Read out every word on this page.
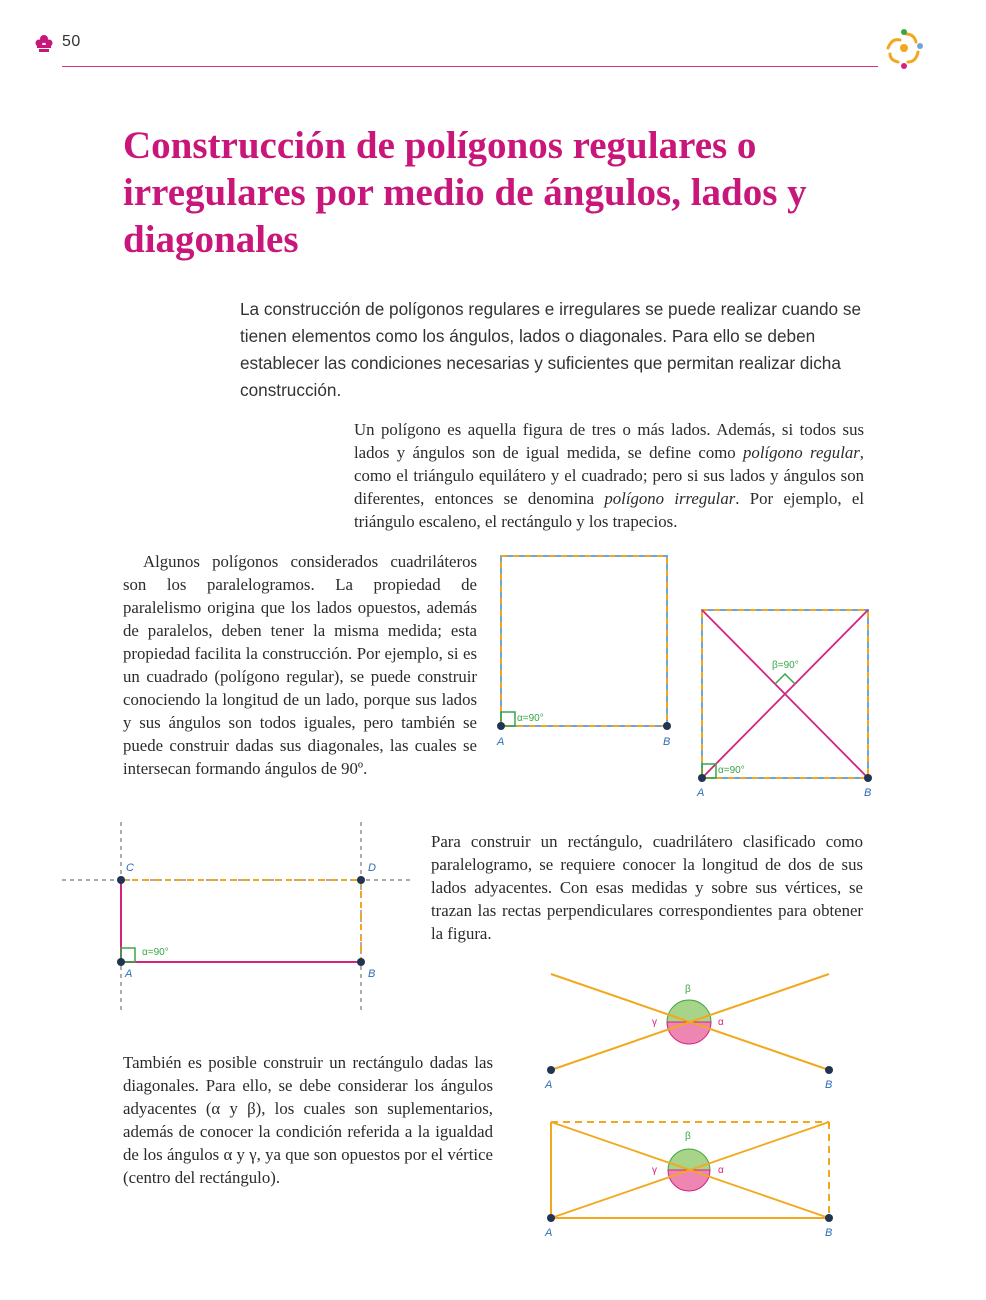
50
Construcción de polígonos regulares o irregulares por medio de ángulos, lados y diagonales

La construcción de polígonos regulares e irregulares se puede realizar cuando se tienen elementos como los ángulos, lados o diagonales. Para ello se deben establecer las condiciones necesarias y suficientes que permitan realizar dicha construcción.

Un polígono es aquella figura de tres o más lados. Además, si todos sus lados y ángulos son de igual medida, se define como polígono regular, como el triángulo equilátero y el cuadrado; pero si sus lados y ángulos son diferentes, entonces se denomina polígono irregular. Por ejemplo, el triángulo escaleno, el rectángulo y los trapecios.

Algunos polígonos considerados cuadriláteros son los paralelogramos. La propiedad de paralelismo origina que los lados opuestos, además de paralelos, deben tener la misma medida; esta propiedad facilita la construcción. Por ejemplo, si es un cuadrado (polígono regular), se puede construir conociendo la longitud de un lado, porque sus lados y sus ángulos son todos iguales, pero también se puede construir dadas sus diagonales, las cuales se intersecan formando ángulos de 90º.

α=90°
A	B
β=90°
α=90°
A	B
C	D
α=90°
A	B

Para construir un rectángulo, cuadrilátero clasificado como paralelogramo, se requiere conocer la longitud de dos de sus lados adyacentes. Con esas medidas y sobre sus vértices, se trazan las rectas perpendiculares correspondientes para obtener la figura.

β
γ	α
A	B

También es posible construir un rectángulo dadas las diagonales. Para ello, se debe considerar los ángulos adyacentes (α y β), los cuales son suplementarios, además de conocer la condición referida a la igualdad de los ángulos α y γ, ya que son opuestos por el vértice (centro del rectángulo).

β
γ	α
A	B
